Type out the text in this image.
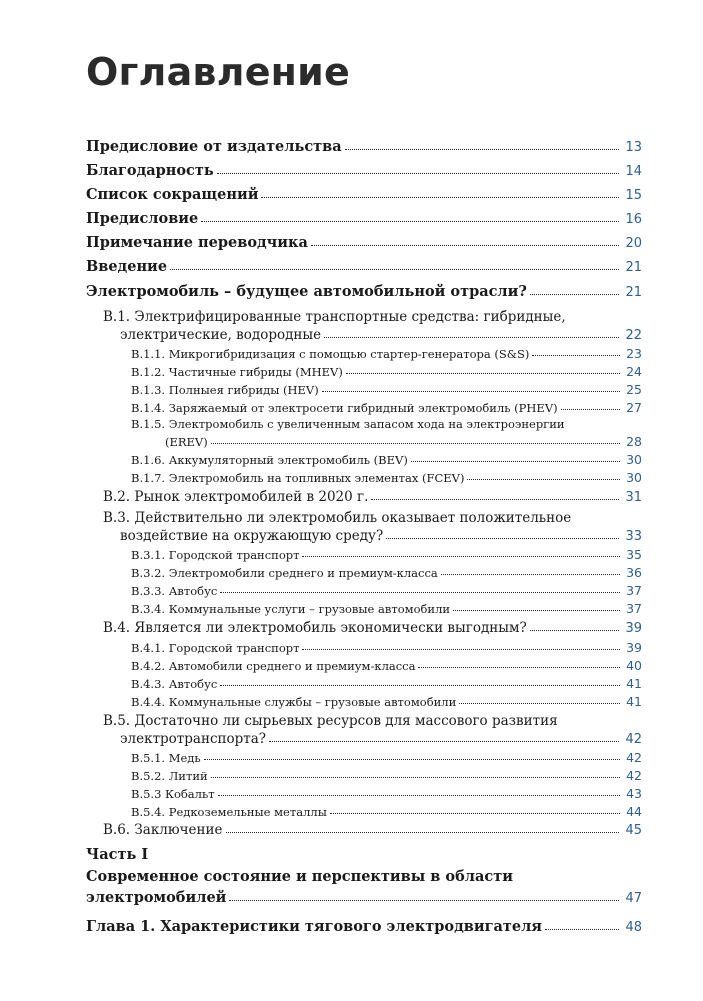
Оглавление
Предисловие от издательства	13
Благодарность	14
Список сокращений	15
Предисловие	16
Примечание переводчика	20
Введение	21
Электромобиль – будущее автомобильной отрасли?	21
В.1. Электрифицированные транспортные средства: гибридные,
электрические, водородные	22
В.1.1. Микрогибридизация с помощью стартер-генератора (S&S)	23
В.1.2. Частичные гибриды (MHEV)	24
В.1.3. Полныея гибриды (HEV)	25
В.1.4. Заряжаемый от электросети гибридный электромобиль (PHEV)	27
В.1.5. Электромобиль с увеличенным запасом хода на электроэнергии
(EREV)	28
В.1.6. Аккумуляторный электромобиль (BEV)	30
В.1.7. Электромобиль на топливных элементах (FCEV)	30
В.2. Рынок электромобилей в 2020 г.	31
В.3. Действительно ли электромобиль оказывает положительное
воздействие на окружающую среду?	33
В.3.1. Городской транспорт	35
В.3.2. Электромобили среднего и премиум-класса	36
В.3.3. Автобус	37
В.3.4. Коммунальные услуги – грузовые автомобили	37
В.4. Является ли электромобиль экономически выгодным?	39
В.4.1. Городской транспорт	39
В.4.2. Автомобили среднего и премиум-класса	40
В.4.3. Автобус	41
В.4.4. Коммунальные службы – грузовые автомобили	41
В.5. Достаточно ли сырьевых ресурсов для массового развития
электротранспорта?	42
В.5.1. Медь	42
В.5.2. Литий	42
В.5.3 Кобальт	43
В.5.4. Редкоземельные металлы	44
В.6. Заключение	45
Часть I
Современное состояние и перспективы в области
электромобилей	47
Глава 1. Характеристики тягового электродвигателя	48
